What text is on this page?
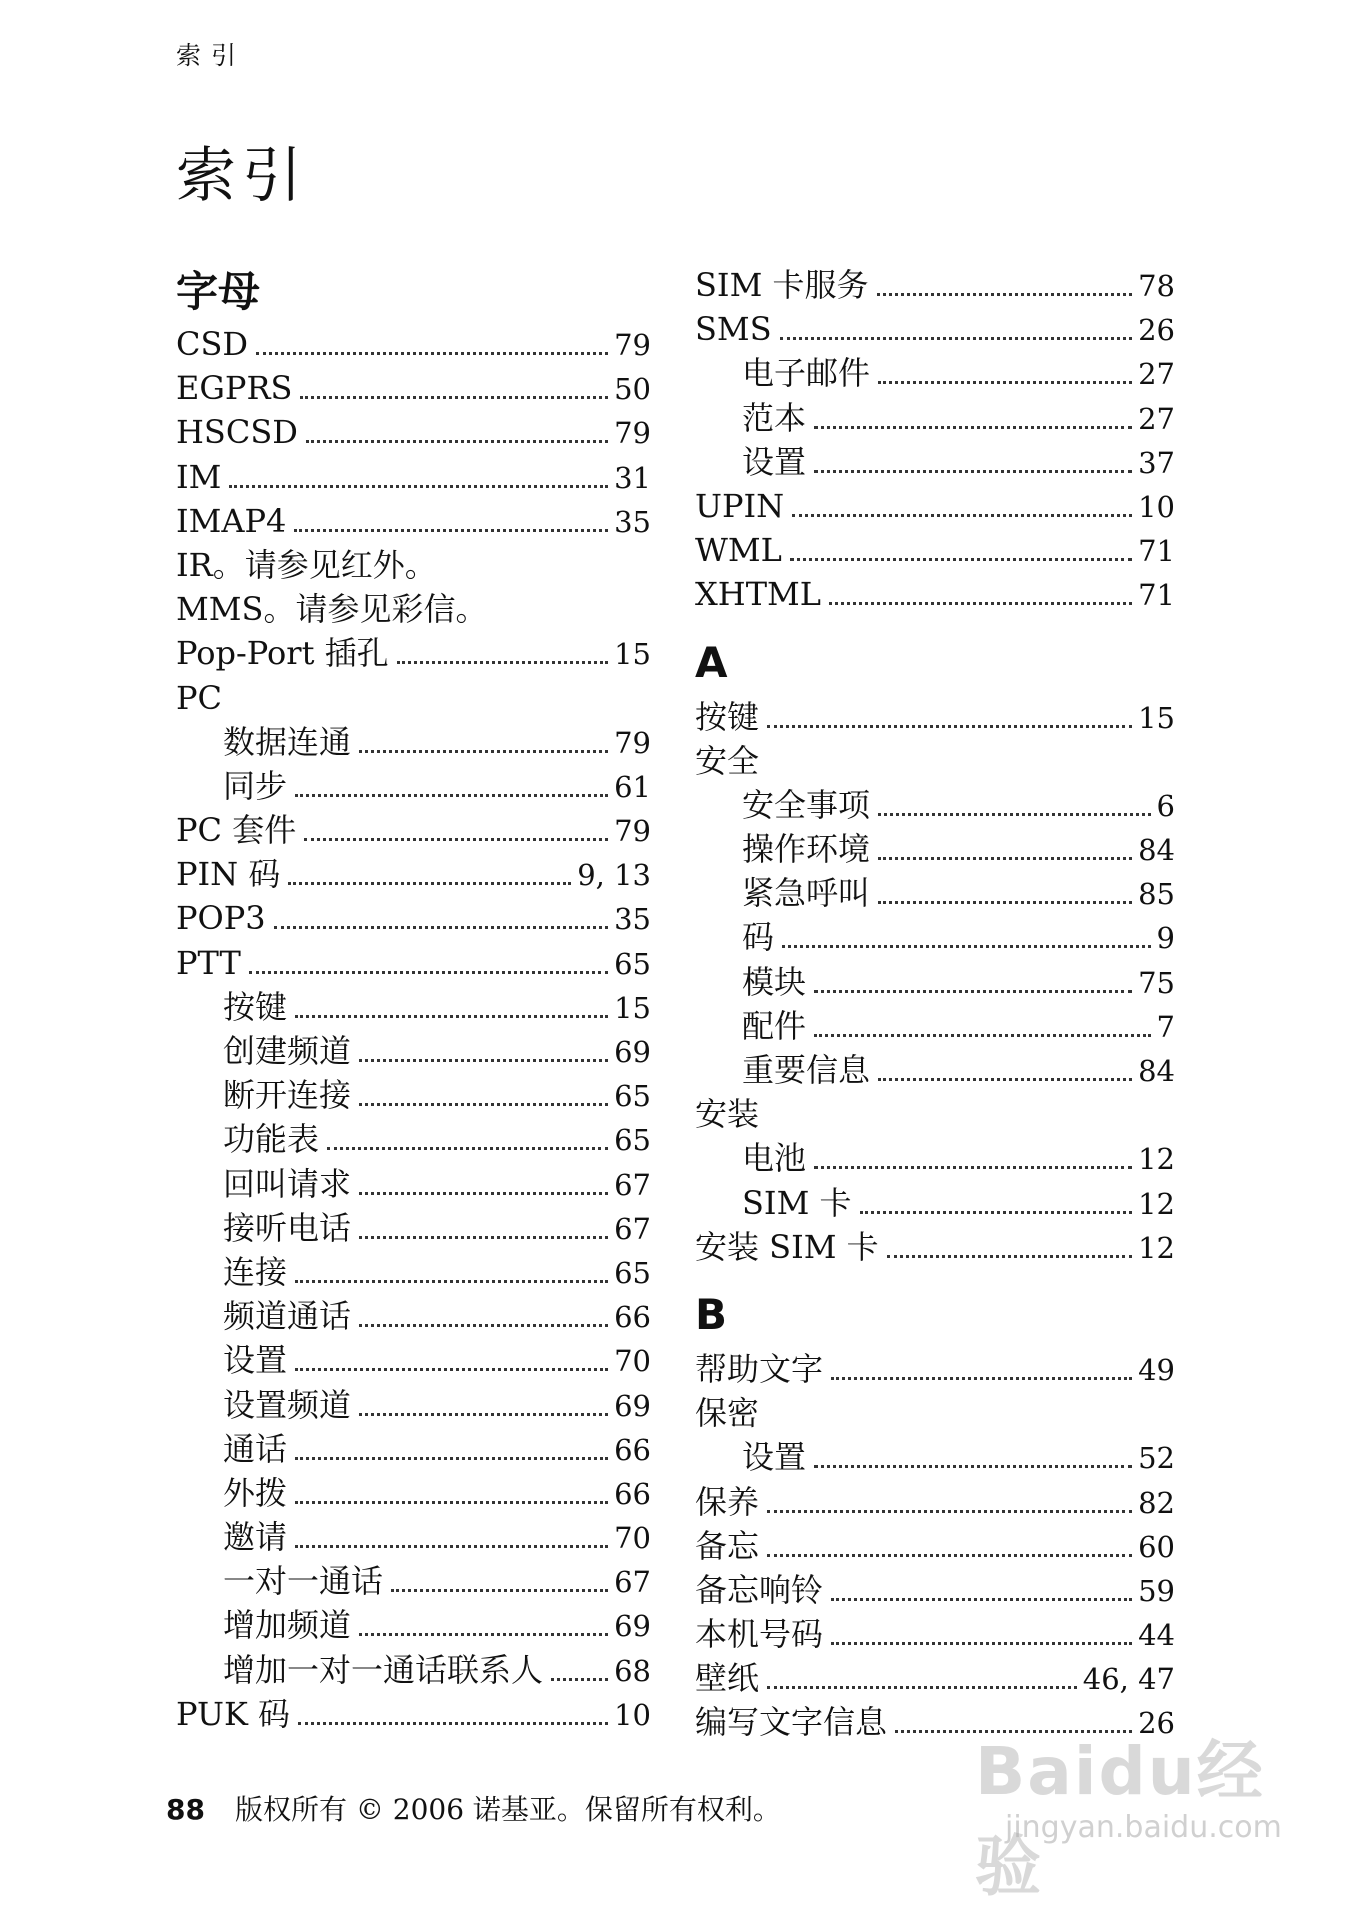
索引
索引
字母
CSD	79
EGPRS	50
HSCSD	79
IM	31
IMAP4	35
IR。请参见红外。
MMS。请参见彩信。
Pop-Port 插孔	15
PC
数据连通	79
同步	61
PC 套件	79
PIN 码	9, 13
POP3	35
PTT	65
按键	15
创建频道	69
断开连接	65
功能表	65
回叫请求	67
接听电话	67
连接	65
频道通话	66
设置	70
设置频道	69
通话	66
外拨	66
邀请	70
一对一通话	67
增加频道	69
增加一对一通话联系人 68
PUK 码	10
SIM 卡服务	78
SMS	26
电子邮件	27
范本	27
设置	37
UPIN	10
WML	71
XHTML	71
A
按键	15
安全
安全事项	6
操作环境	84
紧急呼叫	85
码	9
模块	75
配件	7
重要信息	84
安装
电池	12
SIM 卡	12
安装 SIM 卡	12
B
帮助文字	49
保密
设置	52
保养	82
备忘	60
备忘响铃	59
本机号码	44
壁纸	46, 47
编写文字信息	26
88 版权所有 © 2006 诺基亚。保留所有权利。	Baidu经验
jingyan.baidu.com
